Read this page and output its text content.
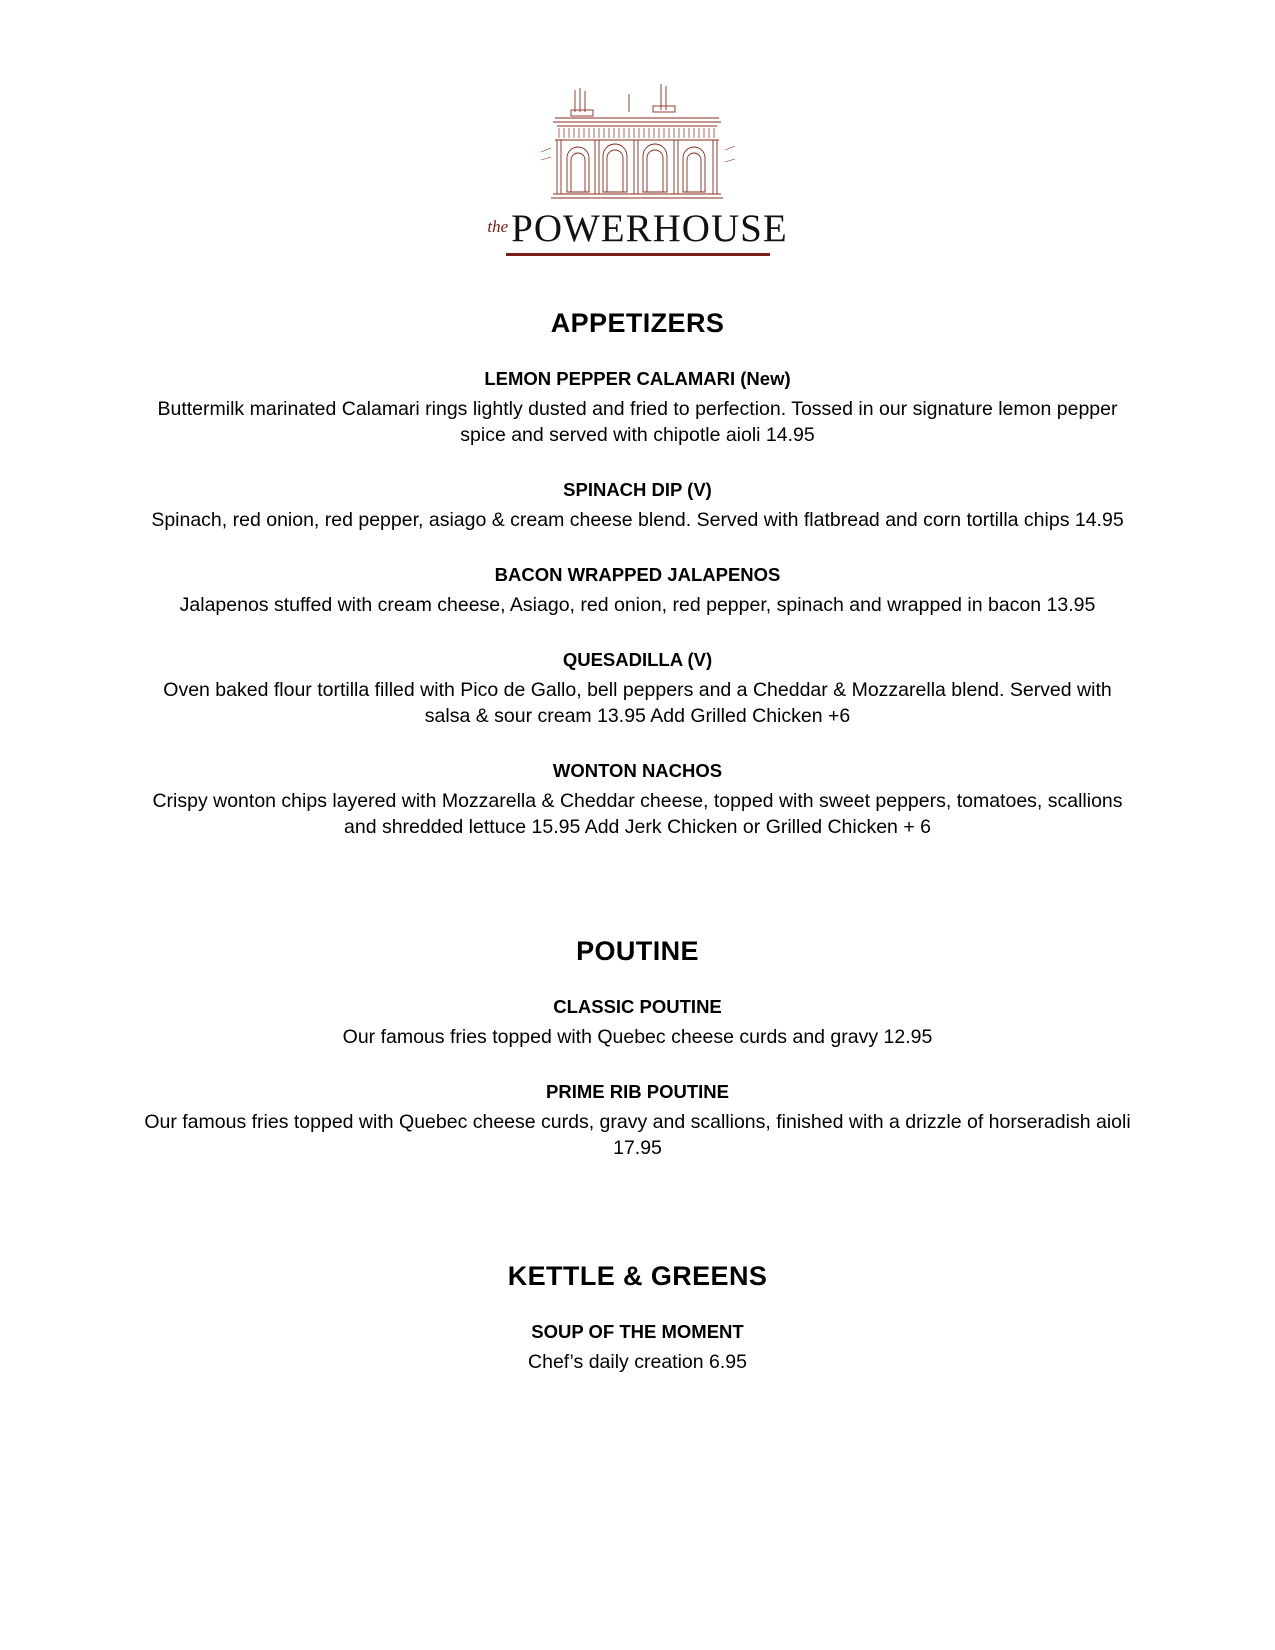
the POWERHOUSE
APPETIZERS

LEMON PEPPER CALAMARI (New)

Buttermilk marinated Calamari rings lightly dusted and fried to perfection. Tossed in our signature lemon pepper spice and served with chipotle aioli 14.95

SPINACH DIP (V)

Spinach, red onion, red pepper, asiago & cream cheese blend. Served with flatbread and corn tortilla chips 14.95

BACON WRAPPED JALAPENOS

Jalapenos stuffed with cream cheese, Asiago, red onion, red pepper, spinach and wrapped in bacon 13.95

QUESADILLA (V)

Oven baked flour tortilla filled with Pico de Gallo, bell peppers and a Cheddar & Mozzarella blend. Served with salsa & sour cream 13.95 Add Grilled Chicken +6

WONTON NACHOS

Crispy wonton chips layered with Mozzarella & Cheddar cheese, topped with sweet peppers, tomatoes, scallions and shredded lettuce 15.95 Add Jerk Chicken or Grilled Chicken + 6

POUTINE

CLASSIC POUTINE

Our famous fries topped with Quebec cheese curds and gravy 12.95

PRIME RIB POUTINE

Our famous fries topped with Quebec cheese curds, gravy and scallions, finished with a drizzle of horseradish aioli 17.95

KETTLE & GREENS

SOUP OF THE MOMENT

Chef’s daily creation 6.95
